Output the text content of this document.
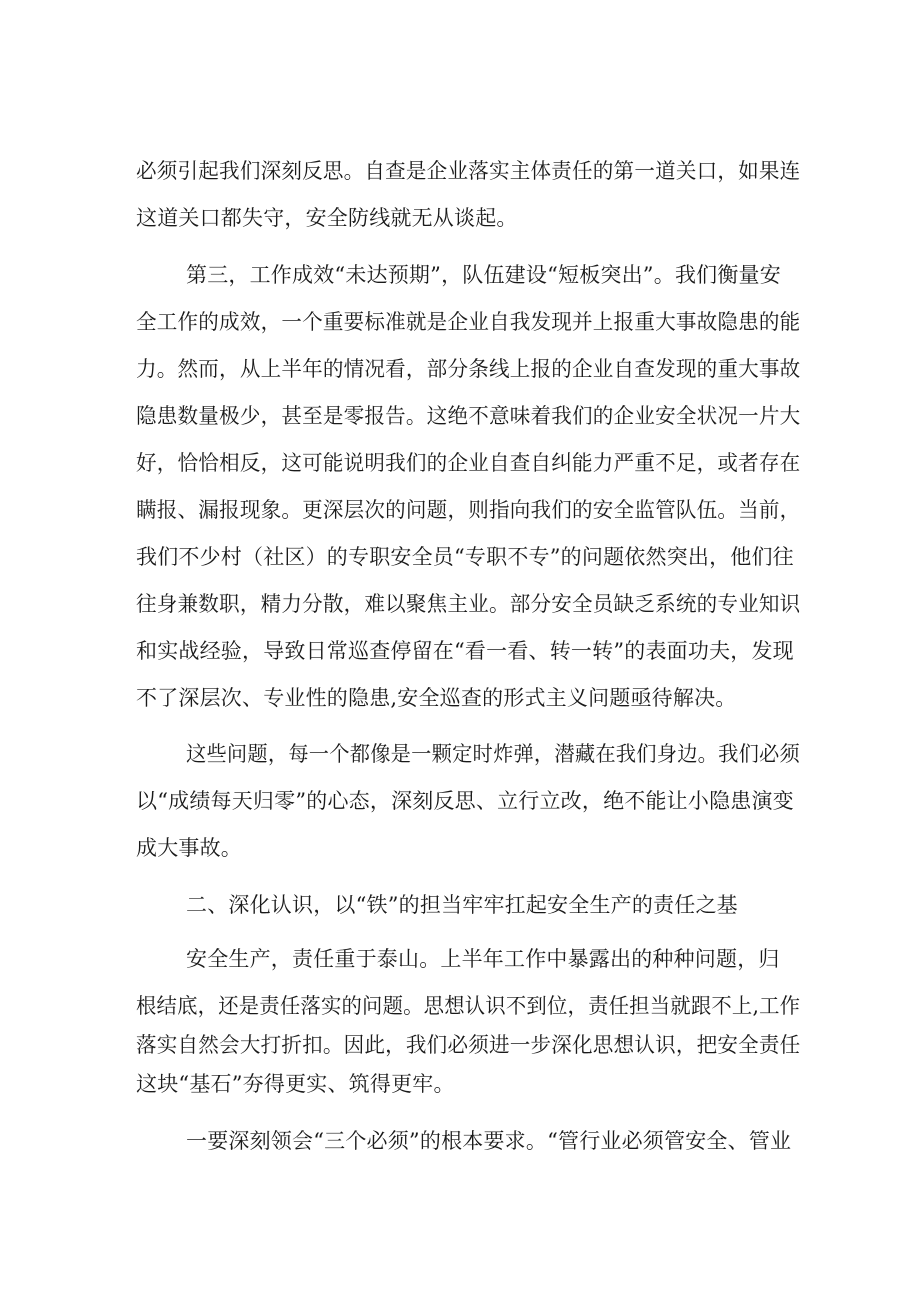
必须引起我们深刻反思。自查是企业落实主体责任的第一道关口，如果连
这道关口都失守，安全防线就无从谈起。
第三，工作成效“未达预期”，队伍建设“短板突出”。我们衡量安
全工作的成效，一个重要标准就是企业自我发现并上报重大事故隐患的能
力。然而，从上半年的情况看，部分条线上报的企业自查发现的重大事故
隐患数量极少，甚至是零报告。这绝不意味着我们的企业安全状况一片大
好，恰恰相反，这可能说明我们的企业自查自纠能力严重不足，或者存在
瞒报、漏报现象。更深层次的问题，则指向我们的安全监管队伍。当前，
我们不少村（社区）的专职安全员“专职不专”的问题依然突出，他们往
往身兼数职，精力分散，难以聚焦主业。部分安全员缺乏系统的专业知识
和实战经验，导致日常巡查停留在“看一看、转一转”的表面功夫，发现
不了深层次、专业性的隐患,安全巡查的形式主义问题亟待解决。
这些问题，每一个都像是一颗定时炸弹，潜藏在我们身边。我们必须
以“成绩每天归零”的心态，深刻反思、立行立改，绝不能让小隐患演变
成大事故。
二、深化认识，以“铁”的担当牢牢扛起安全生产的责任之基
安全生产，责任重于泰山。上半年工作中暴露出的种种问题，归
根结底，还是责任落实的问题。思想认识不到位，责任担当就跟不上,工作
落实自然会大打折扣。因此，我们必须进一步深化思想认识，把安全责任
这块“基石”夯得更实、筑得更牢。
一要深刻领会“三个必须”的根本要求。“管行业必须管安全、管业
